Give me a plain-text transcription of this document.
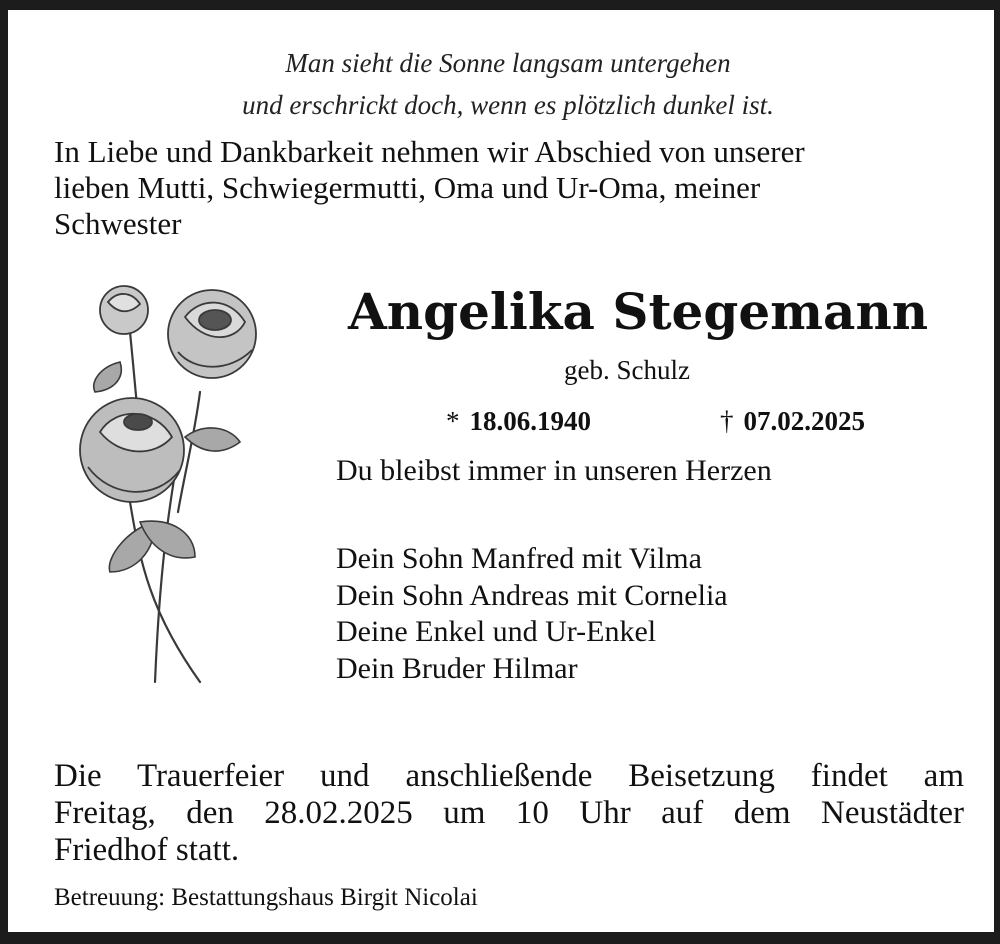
Man sieht die Sonne langsam untergehen
und erschrickt doch, wenn es plötzlich dunkel ist.
In Liebe und Dankbarkeit nehmen wir Abschied von unserer
lieben Mutti, Schwiegermutti, Oma und Ur-Oma, meiner
Schwester
Angelika Stegemann
geb. Schulz
* 18.06.1940	† 07.02.2025
Du bleibst immer in unseren Herzen
Dein Sohn Manfred mit Vilma
Dein Sohn Andreas mit Cornelia
Deine Enkel und Ur-Enkel
Dein Bruder Hilmar
Die Trauerfeier und anschließende Beisetzung findet am
Freitag, den 28.02.2025 um 10 Uhr auf dem Neustädter
Friedhof statt.
Betreuung: Bestattungshaus Birgit Nicolai
